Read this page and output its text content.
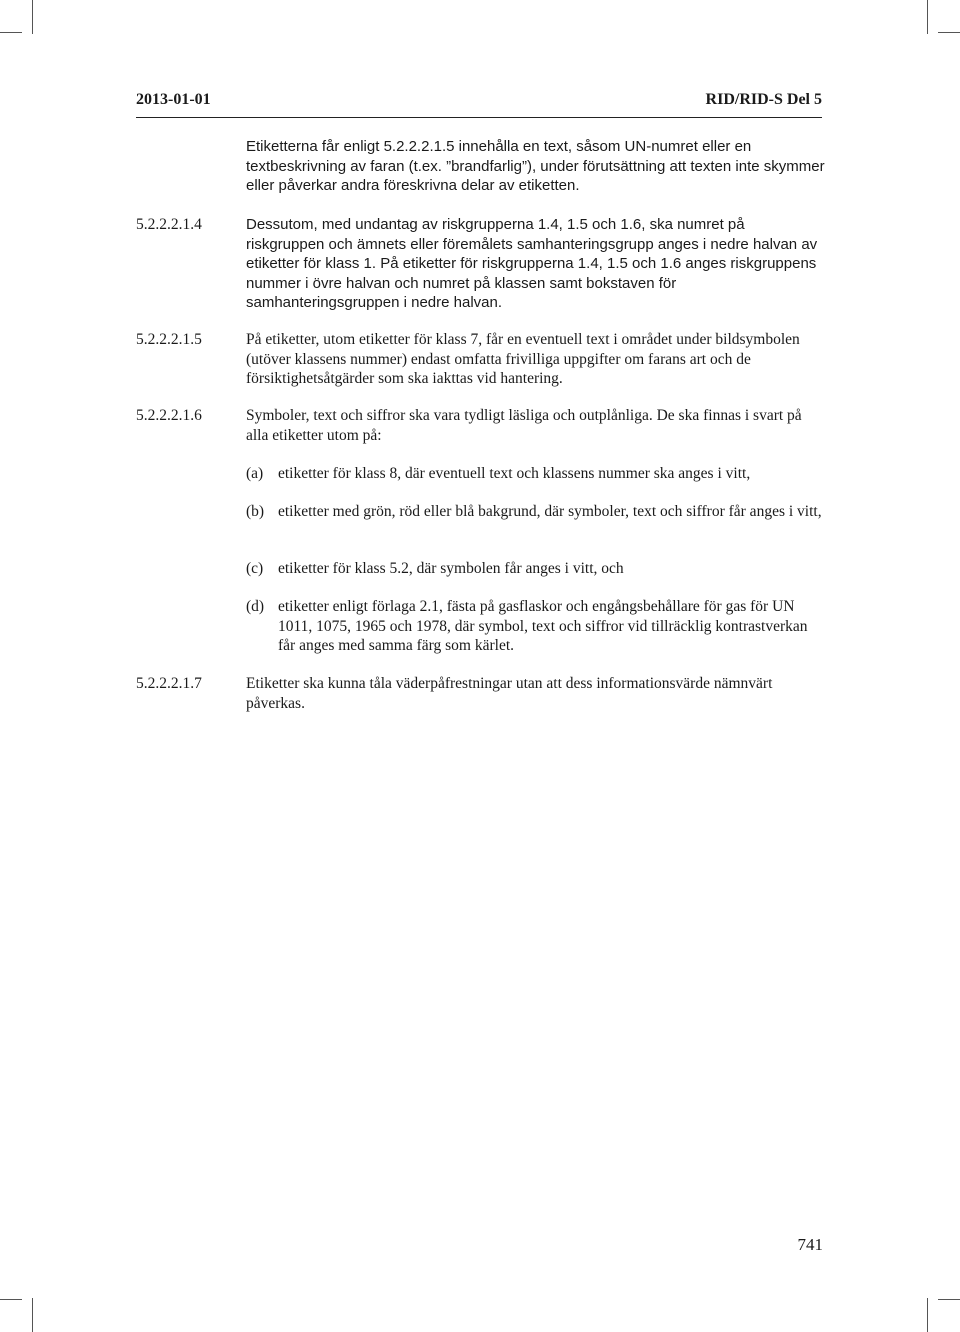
2013-01-01	RID/RID-S Del 5
Etiketterna får enligt 5.2.2.2.1.5 innehålla en text, såsom UN-numret eller en textbeskrivning av faran (t.ex. ”brandfarlig”), under förutsättning att texten inte skymmer eller påverkar andra föreskrivna delar av etiketten.
5.2.2.2.1.4	Dessutom, med undantag av riskgrupperna 1.4, 1.5 och 1.6, ska numret på riskgruppen och ämnets eller föremålets samhanteringsgrupp anges i nedre halvan av etiketter för klass 1. På etiketter för riskgrupperna 1.4, 1.5 och 1.6 anges riskgruppens nummer i övre halvan och numret på klassen samt bokstaven för samhanteringsgruppen i nedre halvan.
5.2.2.2.1.5	På etiketter, utom etiketter för klass 7, får en eventuell text i området under bildsymbolen (utöver klassens nummer) endast omfatta frivilliga uppgifter om farans art och de försiktighetsåtgärder som ska iakttas vid hantering.
5.2.2.2.1.6	Symboler, text och siffror ska vara tydligt läsliga och outplånliga. De ska finnas i svart på alla etiketter utom på:
(a) etiketter för klass 8, där eventuell text och klassens nummer ska anges i vitt,
(b) etiketter med grön, röd eller blå bakgrund, där symboler, text och siffror får anges i vitt,
(c) etiketter för klass 5.2, där symbolen får anges i vitt, och
(d) etiketter enligt förlaga 2.1, fästa på gasflaskor och engångsbehållare för gas för UN 1011, 1075, 1965 och 1978, där symbol, text och siffror vid tillräcklig kontrastverkan får anges med samma färg som kärlet.
5.2.2.2.1.7	Etiketter ska kunna tåla väderpåfrestningar utan att dess informationsvärde nämnvärt påverkas.
741
